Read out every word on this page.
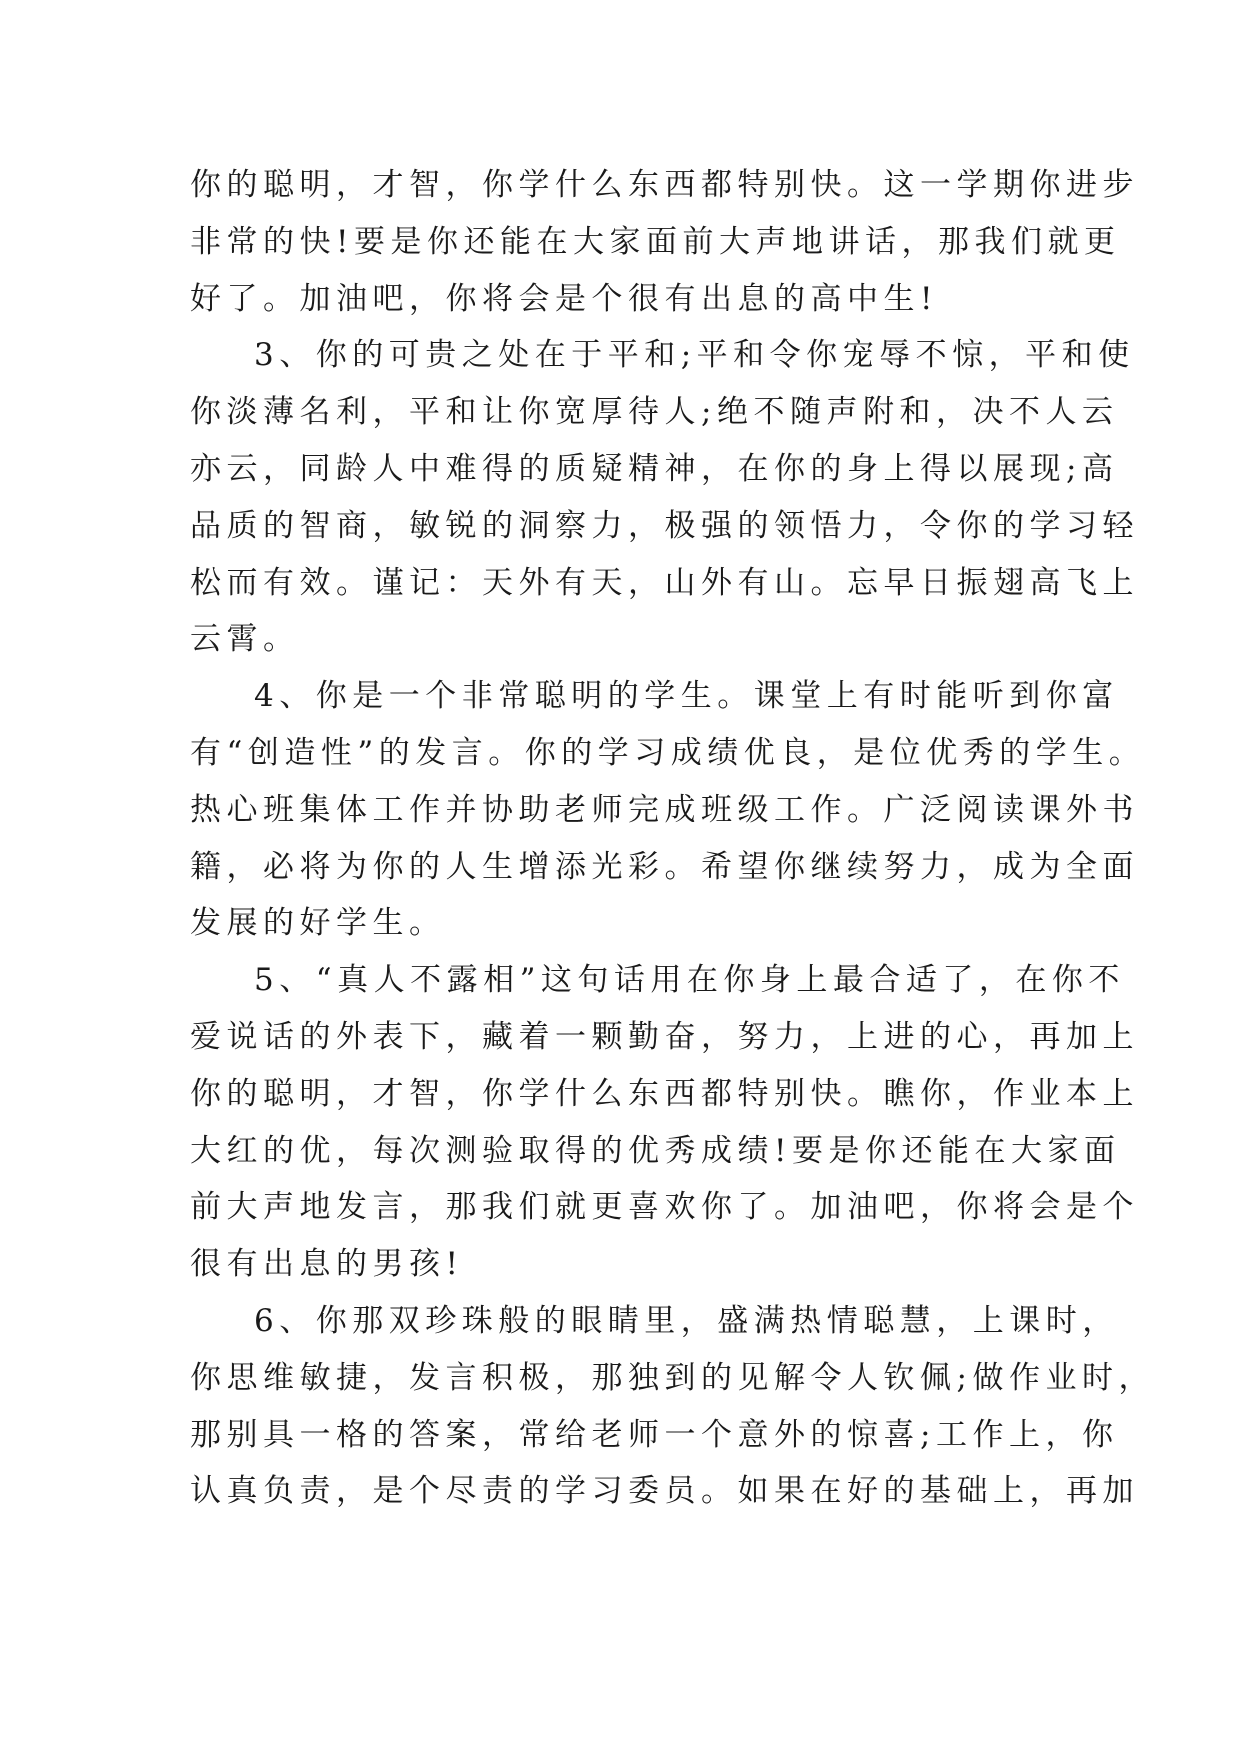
你的聪明，才智，你学什么东西都特别快。这一学期你进步
非常的快!要是你还能在大家面前大声地讲话，那我们就更
好了。加油吧，你将会是个很有出息的高中生!
3、你的可贵之处在于平和;平和令你宠辱不惊，平和使
你淡薄名利，平和让你宽厚待人;绝不随声附和，决不人云
亦云，同龄人中难得的质疑精神，在你的身上得以展现;高
品质的智商，敏锐的洞察力，极强的领悟力，令你的学习轻
松而有效。谨记：天外有天，山外有山。忘早日振翅高飞上
云霄。
4、你是一个非常聪明的学生。课堂上有时能听到你富
有“创造性”的发言。你的学习成绩优良，是位优秀的学生。
热心班集体工作并协助老师完成班级工作。广泛阅读课外书
籍，必将为你的人生增添光彩。希望你继续努力，成为全面
发展的好学生。
5、“真人不露相”这句话用在你身上最合适了，在你不
爱说话的外表下，藏着一颗勤奋，努力，上进的心，再加上
你的聪明，才智，你学什么东西都特别快。瞧你，作业本上
大红的优，每次测验取得的优秀成绩!要是你还能在大家面
前大声地发言，那我们就更喜欢你了。加油吧，你将会是个
很有出息的男孩!
6、你那双珍珠般的眼睛里，盛满热情聪慧，上课时，
你思维敏捷，发言积极，那独到的见解令人钦佩;做作业时，
那别具一格的答案，常给老师一个意外的惊喜;工作上，你
认真负责，是个尽责的学习委员。如果在好的基础上，再加
